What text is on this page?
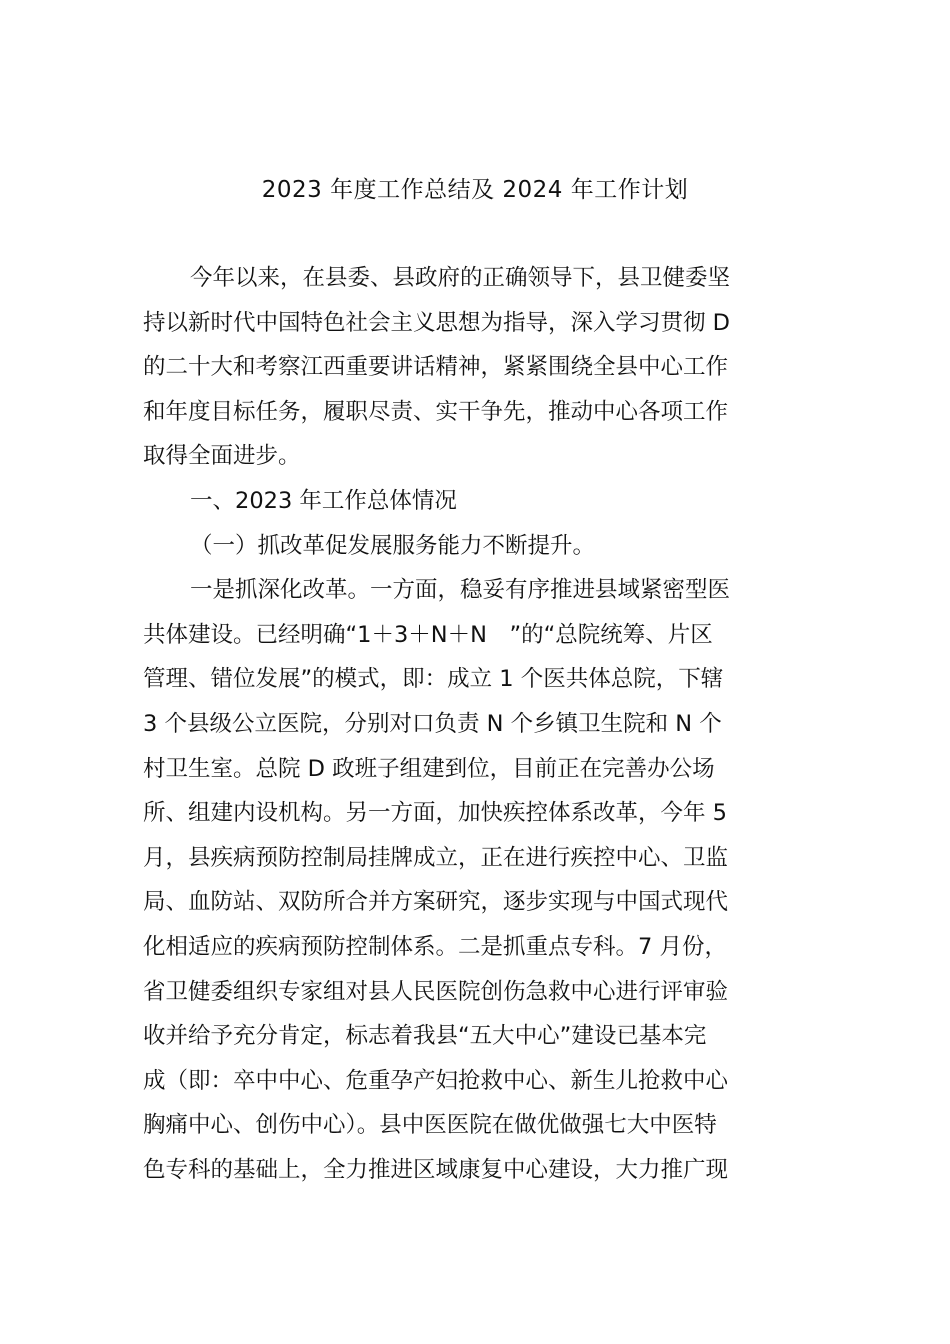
2023 年度工作总结及 2024 年工作计划
今年以来，在县委、县政府的正确领导下，县卫健委坚
持以新时代中国特色社会主义思想为指导，深入学习贯彻 D
的二十大和考察江西重要讲话精神，紧紧围绕全县中心工作
和年度目标任务，履职尽责、实干争先，推动中心各项工作
取得全面进步。
一、2023 年工作总体情况
（一）抓改革促发展服务能力不断提升。
一是抓深化改革。一方面，稳妥有序推进县域紧密型医
共体建设。已经明确“1＋3＋N＋N　”的“总院统筹、片区
管理、错位发展”的模式，即：成立 1 个医共体总院，下辖
3 个县级公立医院，分别对口负责 N 个乡镇卫生院和 N 个
村卫生室。总院 D 政班子组建到位，目前正在完善办公场
所、组建内设机构。另一方面，加快疾控体系改革，今年 5
月，县疾病预防控制局挂牌成立，正在进行疾控中心、卫监
局、血防站、双防所合并方案研究，逐步实现与中国式现代
化相适应的疾病预防控制体系。二是抓重点专科。7 月份，
省卫健委组织专家组对县人民医院创伤急救中心进行评审验
收并给予充分肯定，标志着我县“五大中心”建设已基本完
成（即：卒中中心、危重孕产妇抢救中心、新生儿抢救中心
胸痛中心、创伤中心）。县中医医院在做优做强七大中医特
色专科的基础上，全力推进区域康复中心建设，大力推广现
